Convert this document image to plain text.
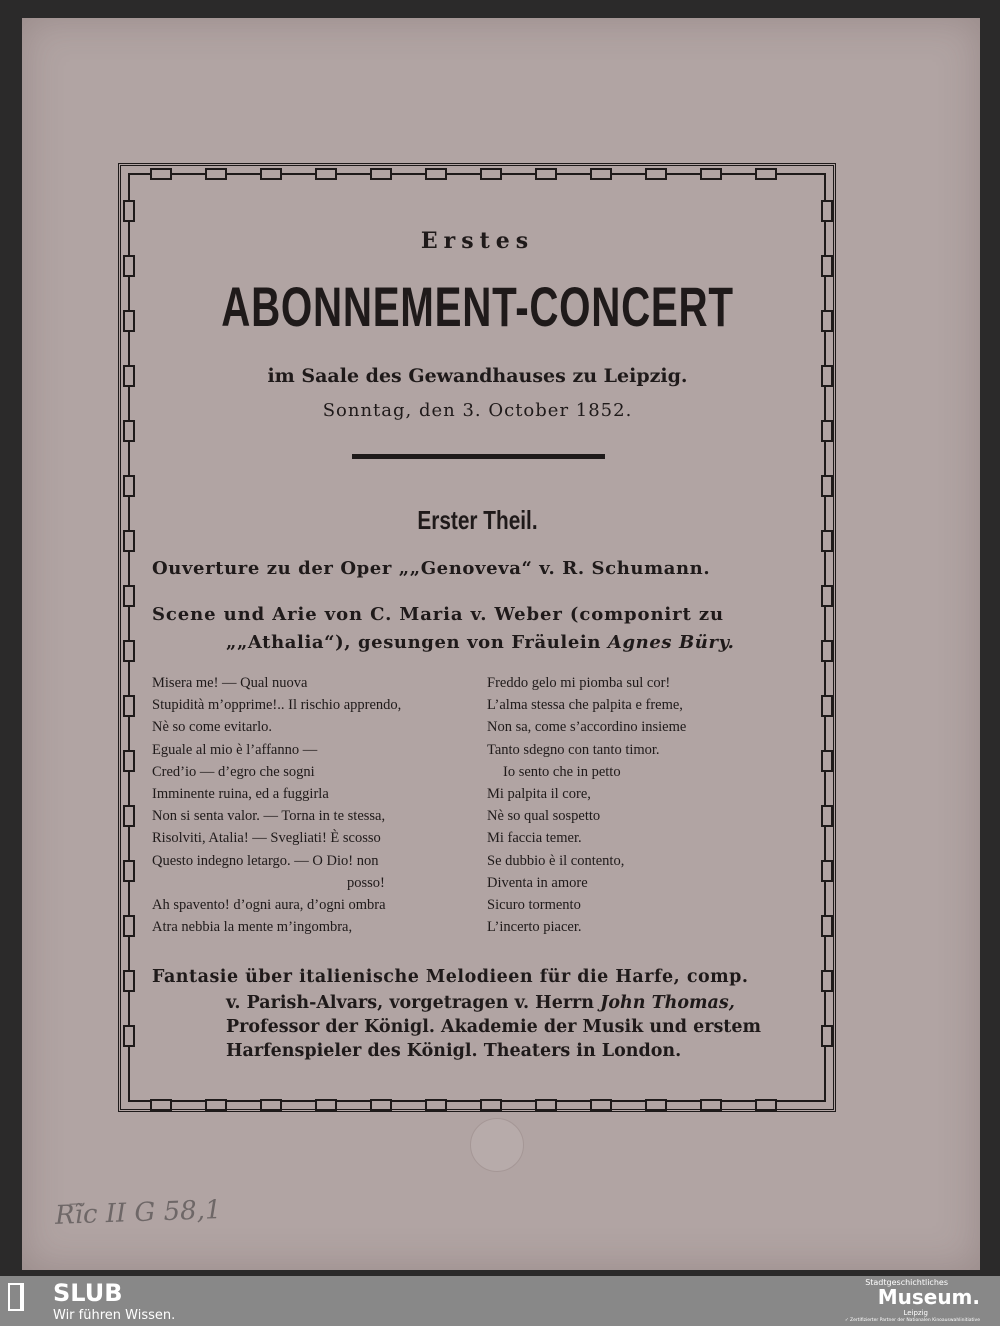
Erstes
ABONNEMENT-CONCERT
im Saale des Gewandhauses zu Leipzig.
Sonntag, den 3. October 1852.
Erster Theil.
Ouverture zu der Oper „„Genoveva“ v. R. Schumann.
Scene und Arie von C. Maria v. Weber (componirt zu
„„Athalia“), gesungen von Fräulein Agnes Büry.
Misera me! — Qual nuova
Stupidità m’opprime!.. Il rischio apprendo,
Nè so come evitarlo.
Eguale al mio è l’affanno —
Cred’io — d’egro che sogni
Imminente ruina, ed a fuggirla
Non si senta valor. — Torna in te stessa,
Risolviti, Atalia! — Svegliati! È scosso
Questo indegno letargo. — O Dio! non
posso!
Ah spavento! d’ogni aura, d’ogni ombra
Atra nebbia la mente m’ingombra,
Freddo gelo mi piomba sul cor!
L’alma stessa che palpita e freme,
Non sa, come s’accordino insieme
Tanto sdegno con tanto timor.
Io sento che in petto
Mi palpita il core,
Nè so qual sospetto
Mi faccia temer.
Se dubbio è il contento,
Diventa in amore
Sicuro tormento
L’incerto piacer.
Fantasie über italienische Melodieen für die Harfe, comp.
v. Parish-Alvars, vorgetragen v. Herrn John Thomas,
Professor der Königl. Akademie der Musik und erstem
Harfenspieler des Königl. Theaters in London.
Rĩ̅c II G 58,1
SLUB
Wir führen Wissen.
Stadtgeschichtliches
Museum.
Leipzig
✓ Zertifizierter Partner der Nationalen Kinoauswahlinitiative
